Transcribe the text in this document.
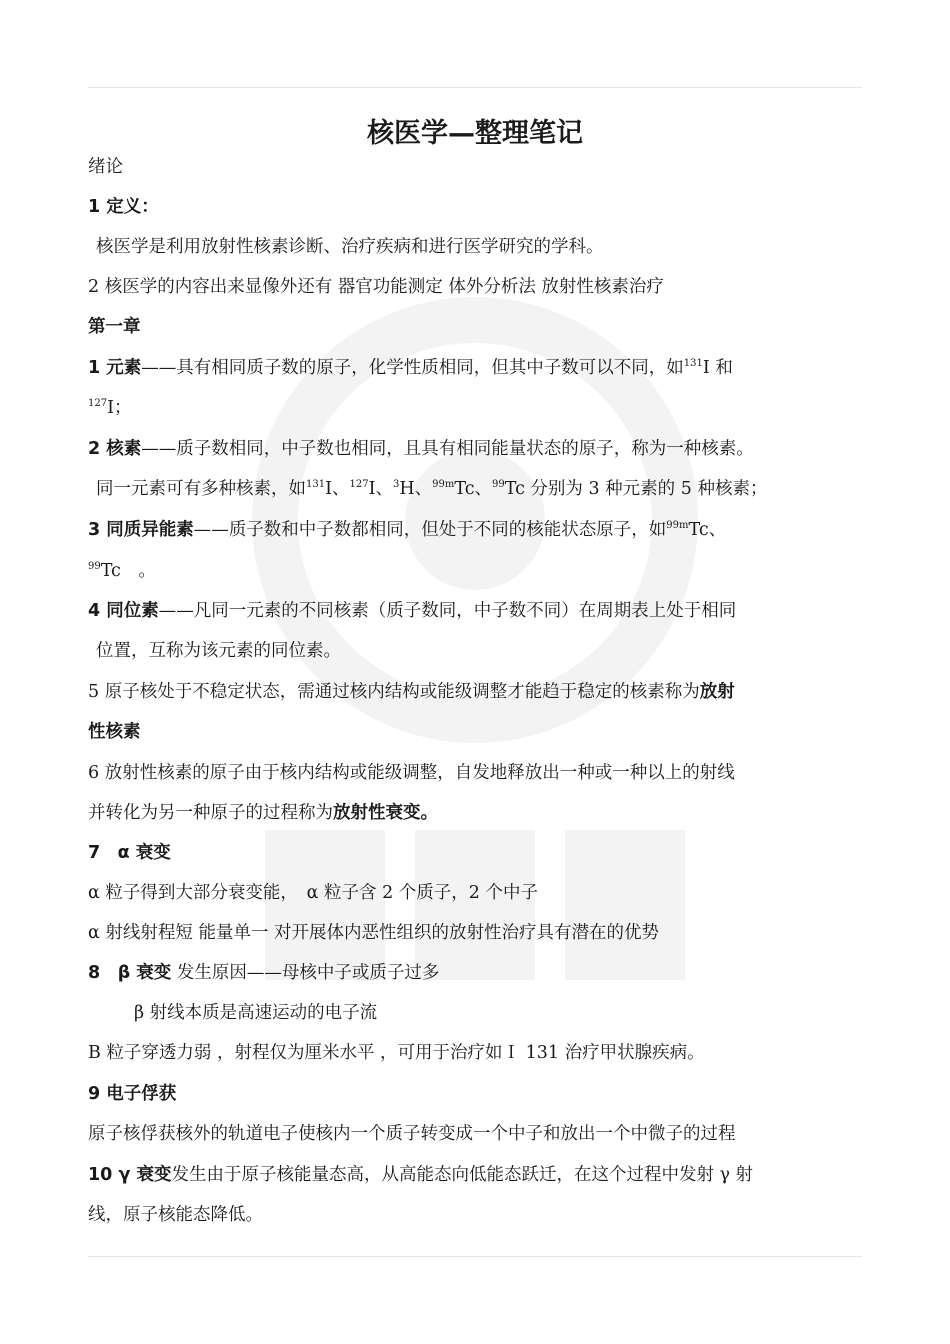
核医学—整理笔记

绪论

1 定义：

核医学是利用放射性核素诊断、治疗疾病和进行医学研究的学科。

2 核医学的内容出来显像外还有 器官功能测定 体外分析法 放射性核素治疗

第一章

1 元素——具有相同质子数的原子，化学性质相同，但其中子数可以不同，如$^{131}$I 和

$^{127}$I；

2 核素——质子数相同，中子数也相同，且具有相同能量状态的原子，称为一种核素。

同一元素可有多种核素，如$^{131}$I、$^{127}$I、$^3$H、$^{99m}$Tc、$^{99}$Tc 分别为 3 种元素的 5 种核素；

3 同质异能素——质子数和中子数都相同，但处于不同的核能状态原子，如$^{99m}$Tc、

$^{99}$Tc　。

4 同位素——凡同一元素的不同核素（质子数同，中子数不同）在周期表上处于相同

位置，互称为该元素的同位素。

5 原子核处于不稳定状态，需通过核内结构或能级调整才能趋于稳定的核素称为放射

性核素

6 放射性核素的原子由于核内结构或能级调整，自发地释放出一种或一种以上的射线

并转化为另一种原子的过程称为放射性衰变。

7　α 衰变

α 粒子得到大部分衰变能，　α 粒子含 2 个质子，2 个中子

α 射线射程短 能量单一 对开展体内恶性组织的放射性治疗具有潜在的优势

8　β 衰变 发生原因——母核中子或质子过多

β 射线本质是高速运动的电子流

Β 粒子穿透力弱 ，射程仅为厘米水平 ，可用于治疗如Ｉ 131 治疗甲状腺疾病。

9 电子俘获

原子核俘获核外的轨道电子使核内一个质子转变成一个中子和放出一个中微子的过程

10 γ 衰变发生由于原子核能量态高，从高能态向低能态跃迁，在这个过程中发射 γ 射

线，原子核能态降低。
